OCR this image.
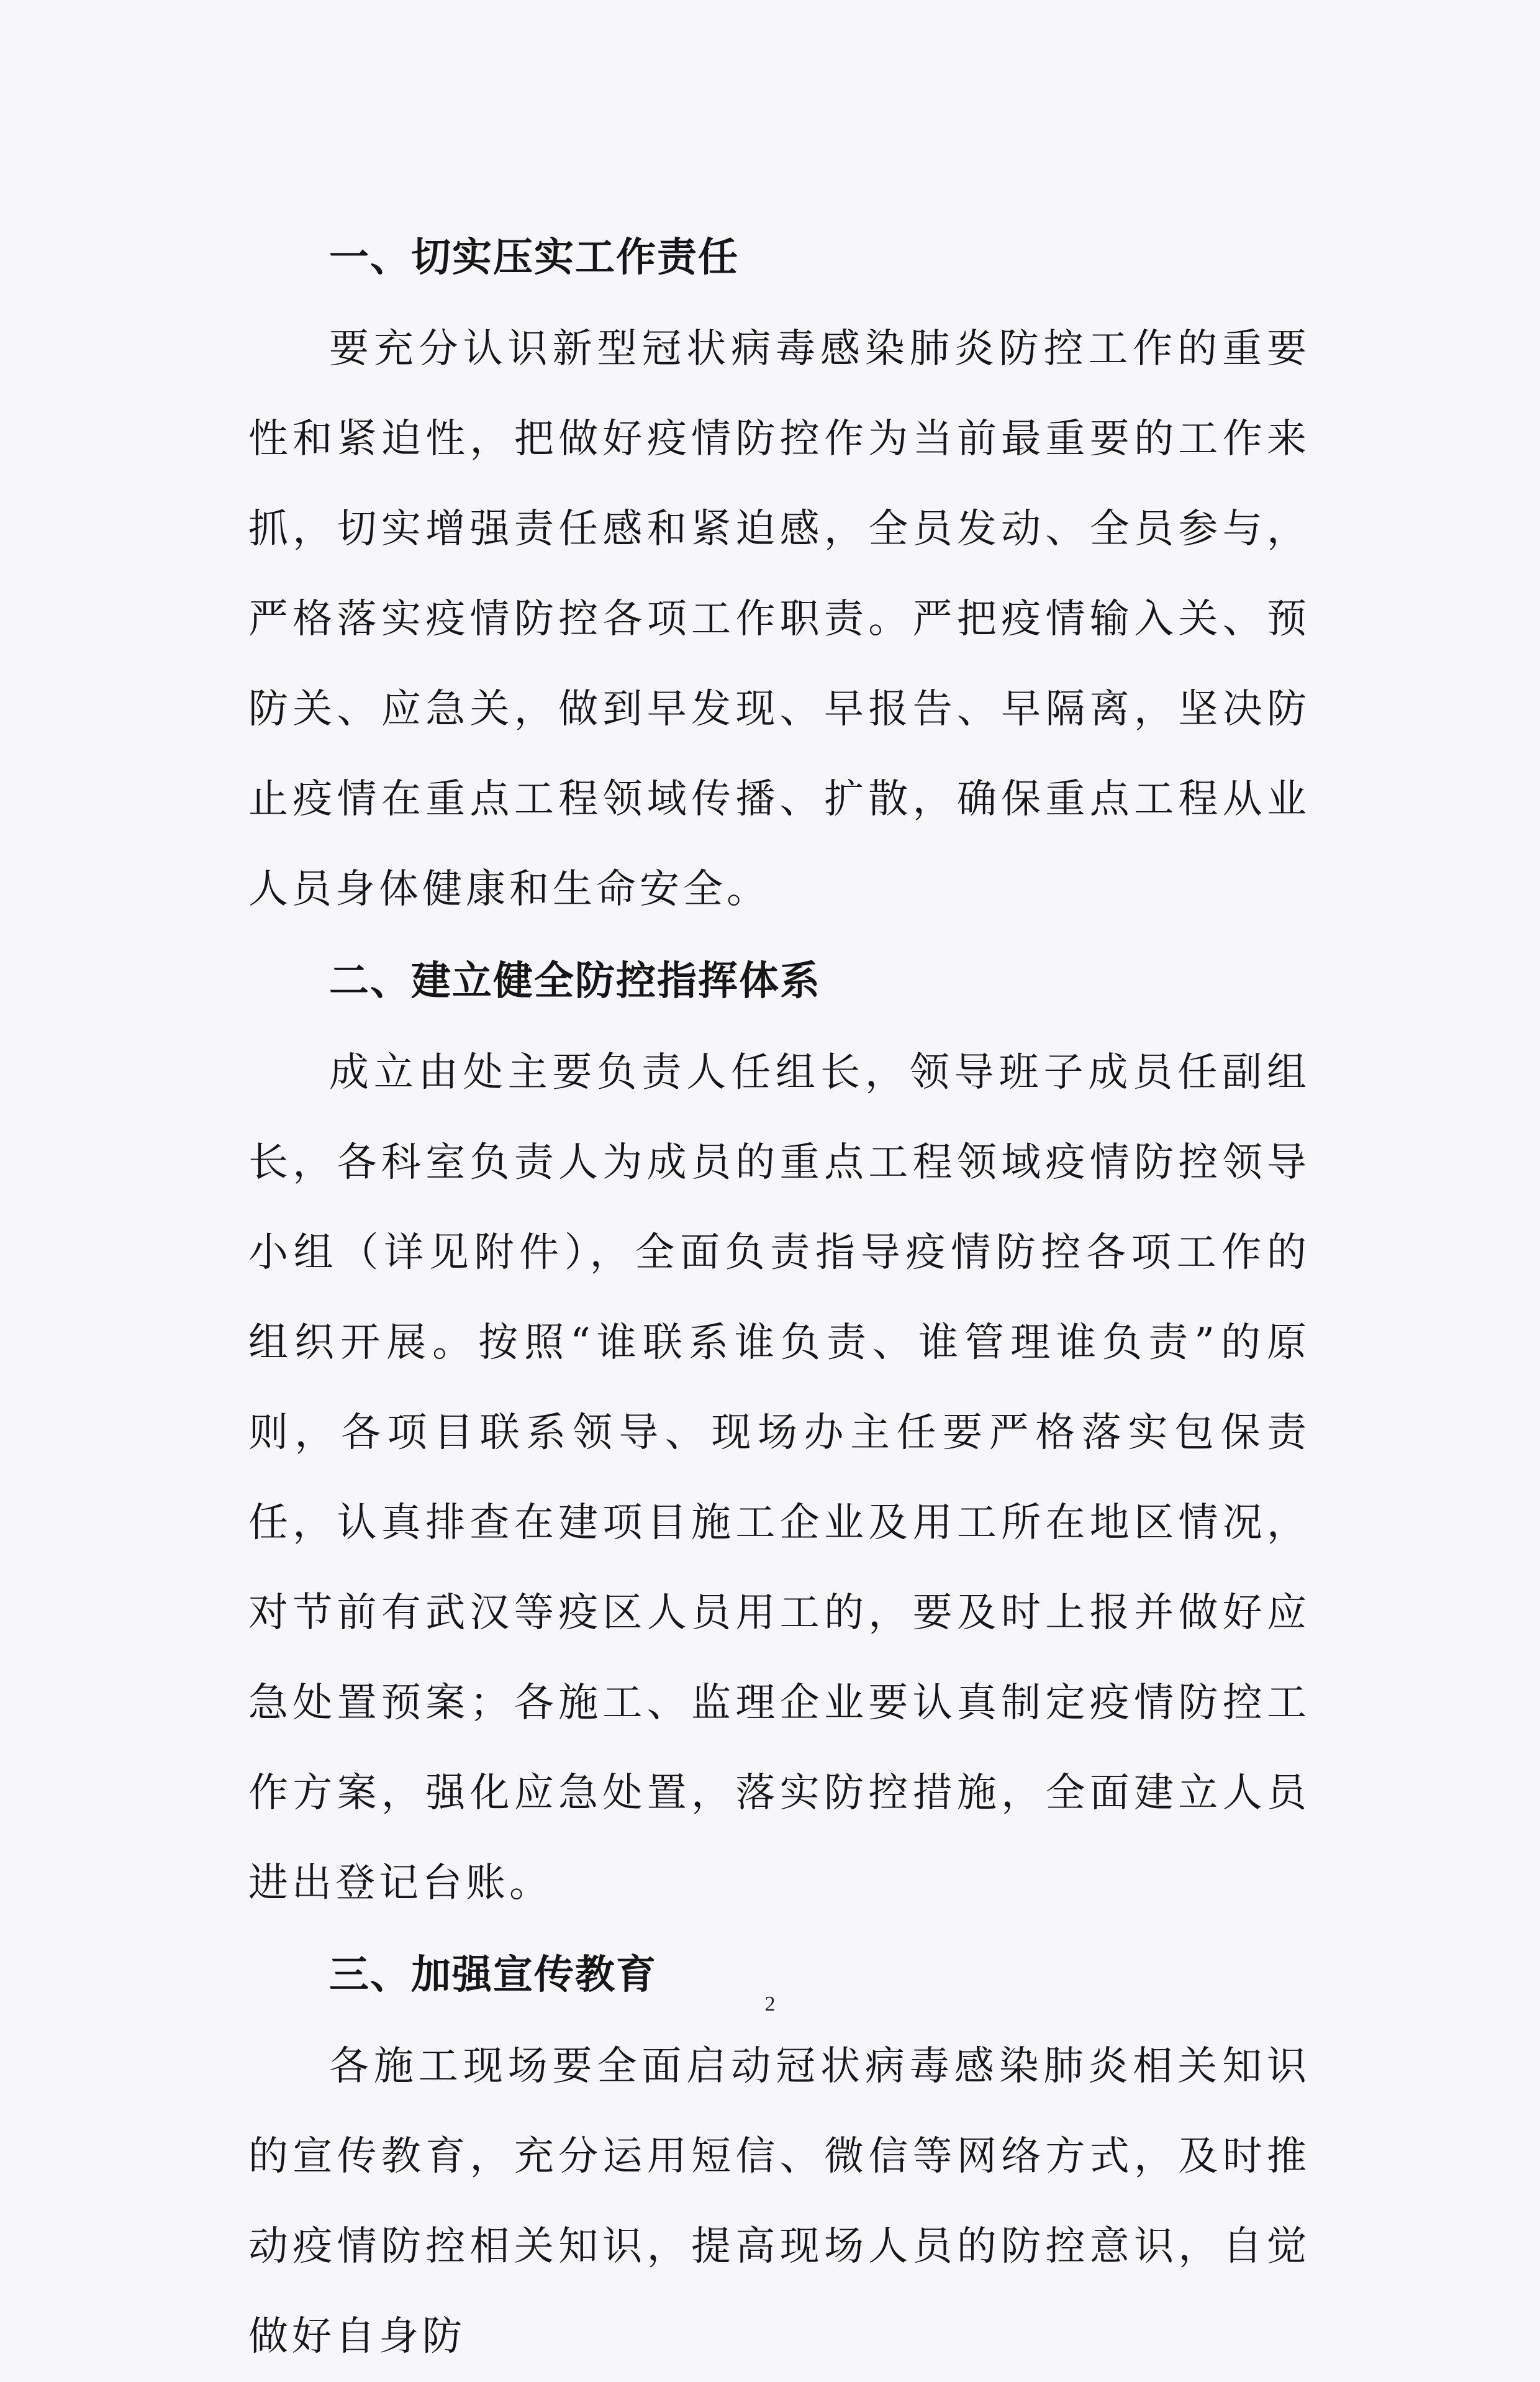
一、切实压实工作责任

要充分认识新型冠状病毒感染肺炎防控工作的重要性和紧迫性，把做好疫情防控作为当前最重要的工作来抓，切实增强责任感和紧迫感，全员发动、全员参与，严格落实疫情防控各项工作职责。严把疫情输入关、预防关、应急关，做到早发现、早报告、早隔离，坚决防止疫情在重点工程领域传播、扩散，确保重点工程从业人员身体健康和生命安全。

二、建立健全防控指挥体系

成立由处主要负责人任组长，领导班子成员任副组长，各科室负责人为成员的重点工程领域疫情防控领导小组（详见附件），全面负责指导疫情防控各项工作的组织开展。按照“谁联系谁负责、谁管理谁负责”的原则，各项目联系领导、现场办主任要严格落实包保责任，认真排查在建项目施工企业及用工所在地区情况，对节前有武汉等疫区人员用工的，要及时上报并做好应急处置预案；各施工、监理企业要认真制定疫情防控工作方案，强化应急处置，落实防控措施，全面建立人员进出登记台账。

三、加强宣传教育

各施工现场要全面启动冠状病毒感染肺炎相关知识的宣传教育，充分运用短信、微信等网络方式，及时推动疫情防控相关知识，提高现场人员的防控意识，自觉做好自身防

2
